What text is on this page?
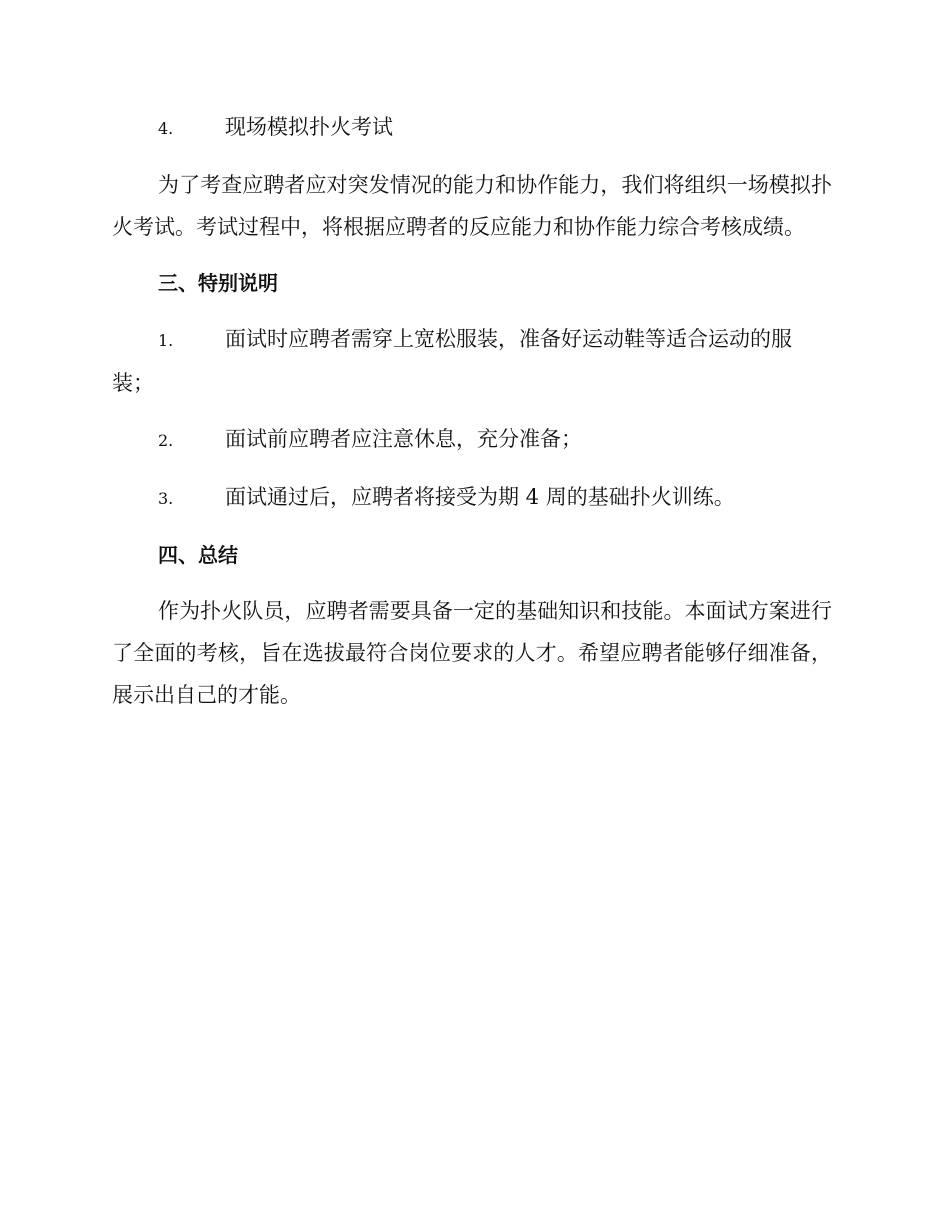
4.	现场模拟扑火考试

为了考查应聘者应对突发情况的能力和协作能力，我们将组织一场模拟扑火考试。考试过程中，将根据应聘者的反应能力和协作能力综合考核成绩。

三、特别说明
1. 面试时应聘者需穿上宽松服装，准备好运动鞋等适合运动的服装；
2.	面试前应聘者应注意休息，充分准备；
3.	面试通过后，应聘者将接受为期 4 周的基础扑火训练。
四、总结

作为扑火队员，应聘者需要具备一定的基础知识和技能。本面试方案进行了全面的考核，旨在选拔最符合岗位要求的人才。希望应聘者能够仔细准备，展示出自己的才能。
